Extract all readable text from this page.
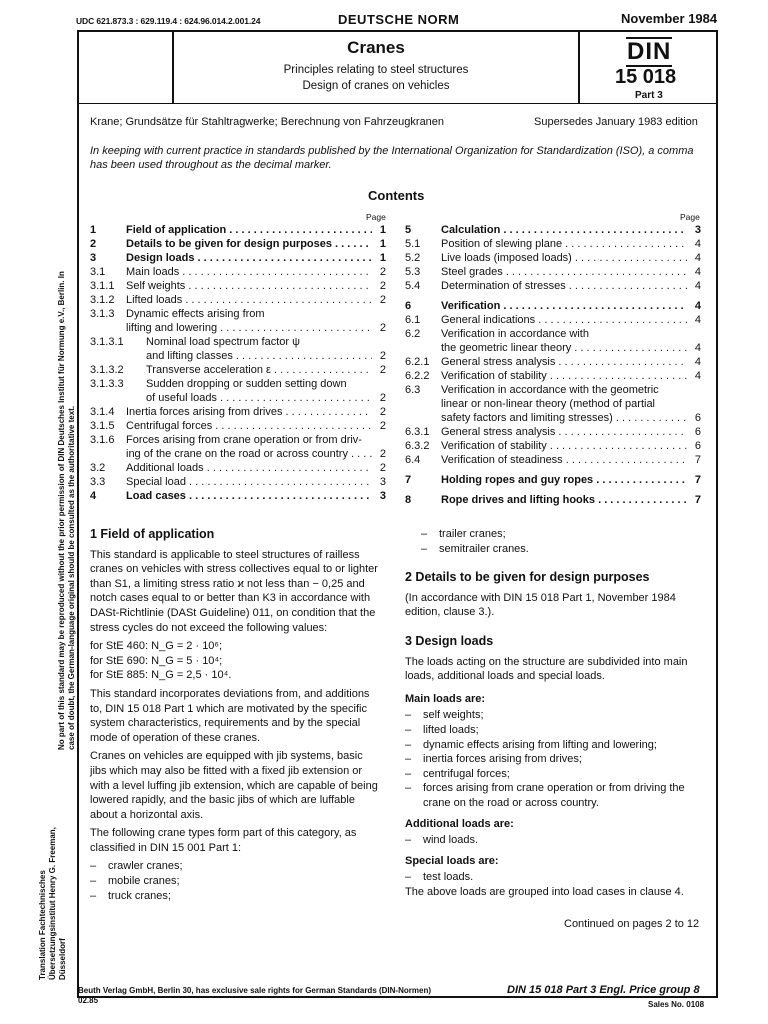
UDC 621.873.3 : 629.119.4 : 624.96.014.2.001.24	DEUTSCHE NORM	November 1984
Cranes
Principles relating to steel structures
Design of cranes on vehicles
DIN
15 018
Part 3
Krane; Grundsätze für Stahltragwerke; Berechnung von Fahrzeugkranen	Supersedes January 1983 edition
In keeping with current practice in standards published by the International Organization for Standardization (ISO), a comma has been used throughout as the decimal marker.
Contents
Page	Page
1	Field of application . . .	1
2	Details to be given for design purposes . . .	1
3	Design loads . . .	1
3.1	Main loads . . .	2
3.1.1	Self weights . . .	2
3.1.2	Lifted loads . . .	2
3.1.3	Dynamic effects arising from
lifting and lowering . . .	2
3.1.3.1	Nominal load spectrum factor ψ
and lifting classes . . .	2
3.1.3.2	Transverse acceleration ε . . .	2
3.1.3.3	Sudden dropping or sudden setting down
of useful loads . . .	2
3.1.4	Inertia forces arising from drives . . .	2
3.1.5	Centrifugal forces . . .	2
3.1.6	Forces arising from crane operation or from driv-
ing of the crane on the road or across country . . .	2
3.2	Additional loads . . .	2
3.3	Special load . . .	3
4	Load cases . . .	3
5	Calculation . . .	3
5.1	Position of slewing plane . . .	4
5.2	Live loads (imposed loads) . . .	4
5.3	Steel grades . . .	4
5.4	Determination of stresses . . .	4
6	Verification . . .	4
6.1	General indications . . .	4
6.2	Verification in accordance with
the geometric linear theory . . .	4
6.2.1	General stress analysis . . .	4
6.2.2	Verification of stability . . .	4
6.3	Verification in accordance with the geometric
linear or non-linear theory (method of partial
safety factors and limiting stresses) . . .	6
6.3.1	General stress analysis . . .	6
6.3.2	Verification of stability . . .	6
6.4	Verification of steadiness . . .	7
7	Holding ropes and guy ropes . . .	7
8	Rope drives and lifting hooks . . .	7
1 Field of application

This standard is applicable to steel structures of railless cranes on vehicles with stress collectives equal to or lighter than S1, a limiting stress ratio ϰ not less than − 0,25 and notch cases equal to or better than K3 in accordance with DASt-Richtlinie (DASt Guideline) 011, on condition that the stress cycles do not exceed the following values:

for StE 460: N_G = 2 · 10⁶;

for StE 690: N_G = 5 · 10⁴;

for StE 885: N_G = 2,5 · 10⁴.

This standard incorporates deviations from, and additions to, DIN 15 018 Part 1 which are motivated by the specific system characteristics, requirements and by the special mode of operation of these cranes.

Cranes on vehicles are equipped with jib systems, basic jibs which may also be fitted with a fixed jib extension or with a level luffing jib extension, which are capable of being lowered rapidly, and the basic jibs of which are luffable about a horizontal axis.

The following crane types form part of this category, as classified in DIN 15 001 Part 1:

–	crawler cranes;
–	mobile cranes;
–	truck cranes;
–	trailer cranes;
–	semitrailer cranes.
2 Details to be given for design purposes

(In accordance with DIN 15 018 Part 1, November 1984 edition, clause 3.).

3 Design loads

The loads acting on the structure are subdivided into main loads, additional loads and special loads.

Main loads are:

–	self weights;
–	lifted loads;
–	dynamic effects arising from lifting and lowering;
–	inertia forces arising from drives;
–	centrifugal forces;
–	forces arising from crane operation or from driving the crane on the road or across country.

Additional loads are:

–	wind loads.

Special loads are:

–	test loads.

The above loads are grouped into load cases in clause 4.

Continued on pages 2 to 12
No part of this standard may be reproduced without the prior permission of DIN Deutsches Institut für Normung e.V., Berlin. In case of doubt, the German-language original should be consulted as the authoritative text.
Translation Fachtechnisches Übersetzungsinstitut Henry G. Freeman, Düsseldorf
Beuth Verlag GmbH, Berlin 30, has exclusive sale rights for German Standards (DIN-Normen)
02.85
DIN 15 018 Part 3 Engl. Price group 8
Sales No. 0108
